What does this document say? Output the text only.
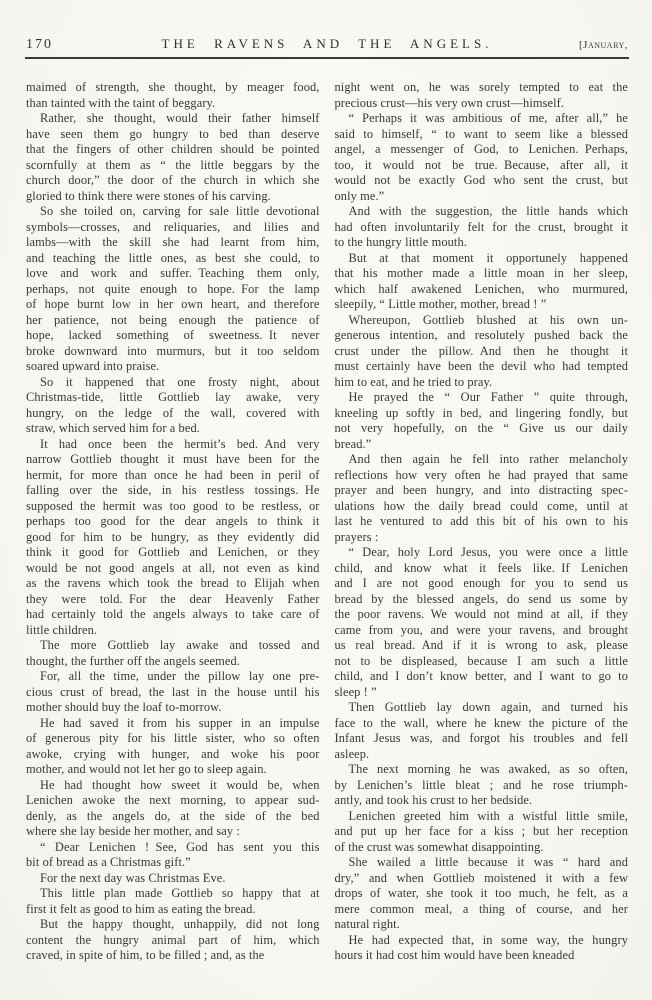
170	THE RAVENS AND THE ANGELS.	[January,
maimed of strength, she thought, by meager food,
than tainted with the taint of beggary.
Rather, she thought, would their father himself
have seen them go hungry to bed than deserve
that the fingers of other children should be pointed
scornfully at them as “ the little beggars by the
church door,” the door of the church in which she
gloried to think there were stones of his carving.
So she toiled on, carving for sale little devotional
symbols—crosses, and reliquaries, and lilies and
lambs—with the skill she had learnt from him,
and teaching the little ones, as best she could, to
love and work and suffer. Teaching them only,
perhaps, not quite enough to hope. For the lamp
of hope burnt low in her own heart, and therefore
her patience, not being enough the patience of
hope, lacked something of sweetness. It never
broke downward into murmurs, but it too seldom
soared upward into praise.
So it happened that one frosty night, about
Christmas-tide, little Gottlieb lay awake, very
hungry, on the ledge of the wall, covered with
straw, which served him for a bed.
It had once been the hermit’s bed. And very
narrow Gottlieb thought it must have been for the
hermit, for more than once he had been in peril of
falling over the side, in his restless tossings. He
supposed the hermit was too good to be restless, or
perhaps too good for the dear angels to think it
good for him to be hungry, as they evidently did
think it good for Gottlieb and Lenichen, or they
would be not good angels at all, not even as kind
as the ravens which took the bread to Elijah when
they were told. For the dear Heavenly Father
had certainly told the angels always to take care of
little children.
The more Gottlieb lay awake and tossed and
thought, the further off the angels seemed.
For, all the time, under the pillow lay one pre-
cious crust of bread, the last in the house until his
mother should buy the loaf to-morrow.
He had saved it from his supper in an impulse
of generous pity for his little sister, who so often
awoke, crying with hunger, and woke his poor
mother, and would not let her go to sleep again.
He had thought how sweet it would be, when
Lenichen awoke the next morning, to appear sud-
denly, as the angels do, at the side of the bed
where she lay beside her mother, and say :
“ Dear Lenichen ! See, God has sent you this
bit of bread as a Christmas gift.”
For the next day was Christmas Eve.
This little plan made Gottlieb so happy that at
first it felt as good to him as eating the bread.
But the happy thought, unhappily, did not long
content the hungry animal part of him, which
craved, in spite of him, to be filled ; and, as the
night went on, he was sorely tempted to eat the
precious crust—his very own crust—himself.
“ Perhaps it was ambitious of me, after all,” he
said to himself, “ to want to seem like a blessed
angel, a messenger of God, to Lenichen. Perhaps,
too, it would not be true. Because, after all, it
would not be exactly God who sent the crust, but
only me.”
And with the suggestion, the little hands which
had often involuntarily felt for the crust, brought it
to the hungry little mouth.
But at that moment it opportunely happened
that his mother made a little moan in her sleep,
which half awakened Lenichen, who murmured,
sleepily, “ Little mother, mother, bread ! ”
Whereupon, Gottlieb blushed at his own un-
generous intention, and resolutely pushed back the
crust under the pillow. And then he thought it
must certainly have been the devil who had tempted
him to eat, and he tried to pray.
He prayed the “ Our Father ” quite through,
kneeling up softly in bed, and lingering fondly, but
not very hopefully, on the “ Give us our daily
bread.”
And then again he fell into rather melancholy
reflections how very often he had prayed that same
prayer and been hungry, and into distracting spec-
ulations how the daily bread could come, until at
last he ventured to add this bit of his own to his
prayers :
“ Dear, holy Lord Jesus, you were once a little
child, and know what it feels like. If Lenichen
and I are not good enough for you to send us
bread by the blessed angels, do send us some by
the poor ravens. We would not mind at all, if they
came from you, and were your ravens, and brought
us real bread. And if it is wrong to ask, please
not to be displeased, because I am such a little
child, and I don’t know better, and I want to go to
sleep ! ”
Then Gottlieb lay down again, and turned his
face to the wall, where he knew the picture of the
Infant Jesus was, and forgot his troubles and fell
asleep.
The next morning he was awaked, as so often,
by Lenichen’s little bleat ; and he rose triumph-
antly, and took his crust to her bedside.
Lenichen greeted him with a wistful little smile,
and put up her face for a kiss ; but her reception
of the crust was somewhat disappointing.
She wailed a little because it was “ hard and
dry,” and when Gottlieb moistened it with a few
drops of water, she took it too much, he felt, as a
mere common meal, a thing of course, and her
natural right.
He had expected that, in some way, the hungry
hours it had cost him would have been kneaded
